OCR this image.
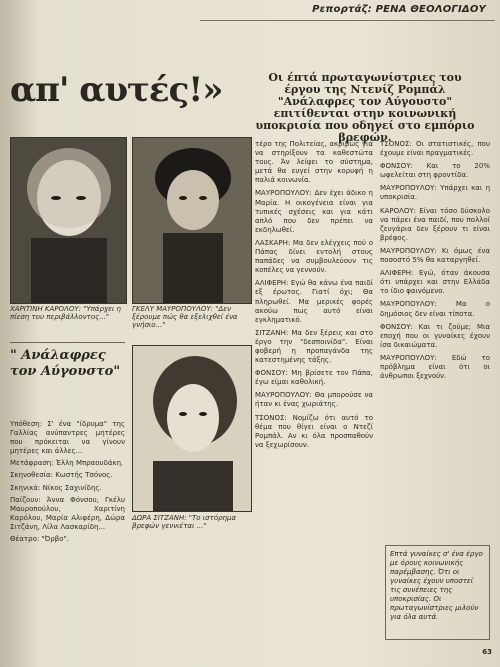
Ρεπορτάζ: ΡΕΝΑ ΘΕΟΛΟΓΙΔΟΥ
απ' αυτές!»	Οι έπτά πρωταγωνίστριες του έργου της Ντενίζ Ρομπάλ "Ανάλαφρες τον Αύγουστο" επιτίθενται στην κοινωνική υποκρισία που οδηγεί στο εμπόριο βρεφών.
ΧΑΡΙΤΙΝΗ ΚΑΡΟΛΟΥ: "Υπάρχει η πίεση του περιβάλλοντος..."
ΓΚΕΛΥ ΜΑΥΡΟΠΟΥΛΟΥ: "Δεν ξέρουμε πώς θα εξελιχθεί ένα γνήσιο..."
ΔΩΡΑ ΣΙΤΖΑΝΗ: "Το ιστόρημα βρεφών γεννιέται ..."
" Ανάλαφρες τον Αύγουστο"

Υπόθεση: Σ' ένα "ίδρυμα" της Γαλλίας ανύπαντρες μητέρες που πρόκειται να γίνουν μητέρες και άλλες...

Μετάφραση: Έλλη Μπραουδάκη.

Σκηνοθεσία: Κωστής Τσόνος.

Σκηνικά: Νίκος Σαχινίδης.

Παίζουν: Άννα Φόνσου, Γκέλυ Μαυροπούλου, Χαριτίνη Καρόλου, Μαρία Αλιφέρη, Δώρα Σιτζάνη, Λίλα Λασκαρίδη...

Θέατρο: "Όρβο".

τέρο της Πολιτείας, ακριβώς γιά να στηρίξουν τα καθεστώτα τους. Άν λείψει το σύστημα, μετά θα ευγεί στην κορυφή η παλιά κοινωνία.

ΜΑΥΡΟΠΟΥΛΟΥ: Δεν έχει άδικο η Μαρία. Η οικογένεια είναι για τυπικές σχέσεις και για κάτι απλό που δεν πρέπει να εκδηλωθεί.

ΛΑΣΚΑΡΗ: Μα δεν ελέγχεις πού ο Πάπας δίνει εντολή στους παπάδες να συμβουλεύουν τις κοπέλες να γεννούν.

ΑΛΙΦΕΡΗ: Εγώ θα κάνω ένα παιδί εξ έρωτος. Γιατί όχι; Θα πληρωθεί. Μα μερικές φορές ακούω πως αυτό είναι εγκληματικό.

ΣΙΤΖΑΝΗ: Μα δεν ξέρεις και στο έργο την "δεσποινίδα". Είναι φοβερή η προπαγάνδα της κατεστημένης τάξης.

ΦΟΝΣΟΥ: Μη βρίσετε τον Πάπα, έγω είμαι καθολική.

ΜΑΥΡΟΠΟΥΛΟΥ: Θα μπορούσε να ήταν κι ένας χωριάτης.

ΤΣΟΝΟΣ: Νομίζω ότι αυτό το θέμα που θίγει είναι ο Ντεζί Ρομπάλ. Αν κι όλα προσπαθούν να ξεχωρίσουν.

ΤΣΟΝΟΣ: Οι στατιστικές, που έχουμε είναι πραγματικές.

ΦΟΝΣΟΥ: Και το 20% ωφελείται στη φροντίδα.

ΜΑΥΡΟΠΟΥΛΟΥ: Υπάρχει και η υποκρισία.

ΚΑΡΟΛΟΥ: Είναι τόσο δύσκολο να πάρει ένα παιδί, που πολλοί ζευγάρια δεν ξέρουν τι είναι βρέφος.

ΜΑΥΡΟΠΟΥΛΟΥ: Κι όμως ένα ποσοστό 5% θα καταργηθεί.

ΑΛΙΦΕΡΗ: Εγώ, όταν άκουσα ότι υπάρχει και στην Ελλάδα το ίδιο φαινόμενο.

ΜΑΥΡΟΠΟΥΛΟΥ: Μα ο δημόσιος δεν είναι τίποτα.

ΦΟΝΣΟΥ: Και τι ζούμε; Μια εποχή που οι γυναίκες έχουν ίσα δικαιώματα.

ΜΑΥΡΟΠΟΥΛΟΥ: Εδώ το πρόβλημα είναι ότι οι άνθρωποι ξεχνούν.

Επτά γυναίκες σ' ένα έργο με όρους κοινωνικής παρέμβασης. Ότι οι γυναίκες έχουν υποστεί τις συνέπειες της υποκρισίας. Οι πρωταγωνίστριες μιλούν για όλα αυτά.
63
